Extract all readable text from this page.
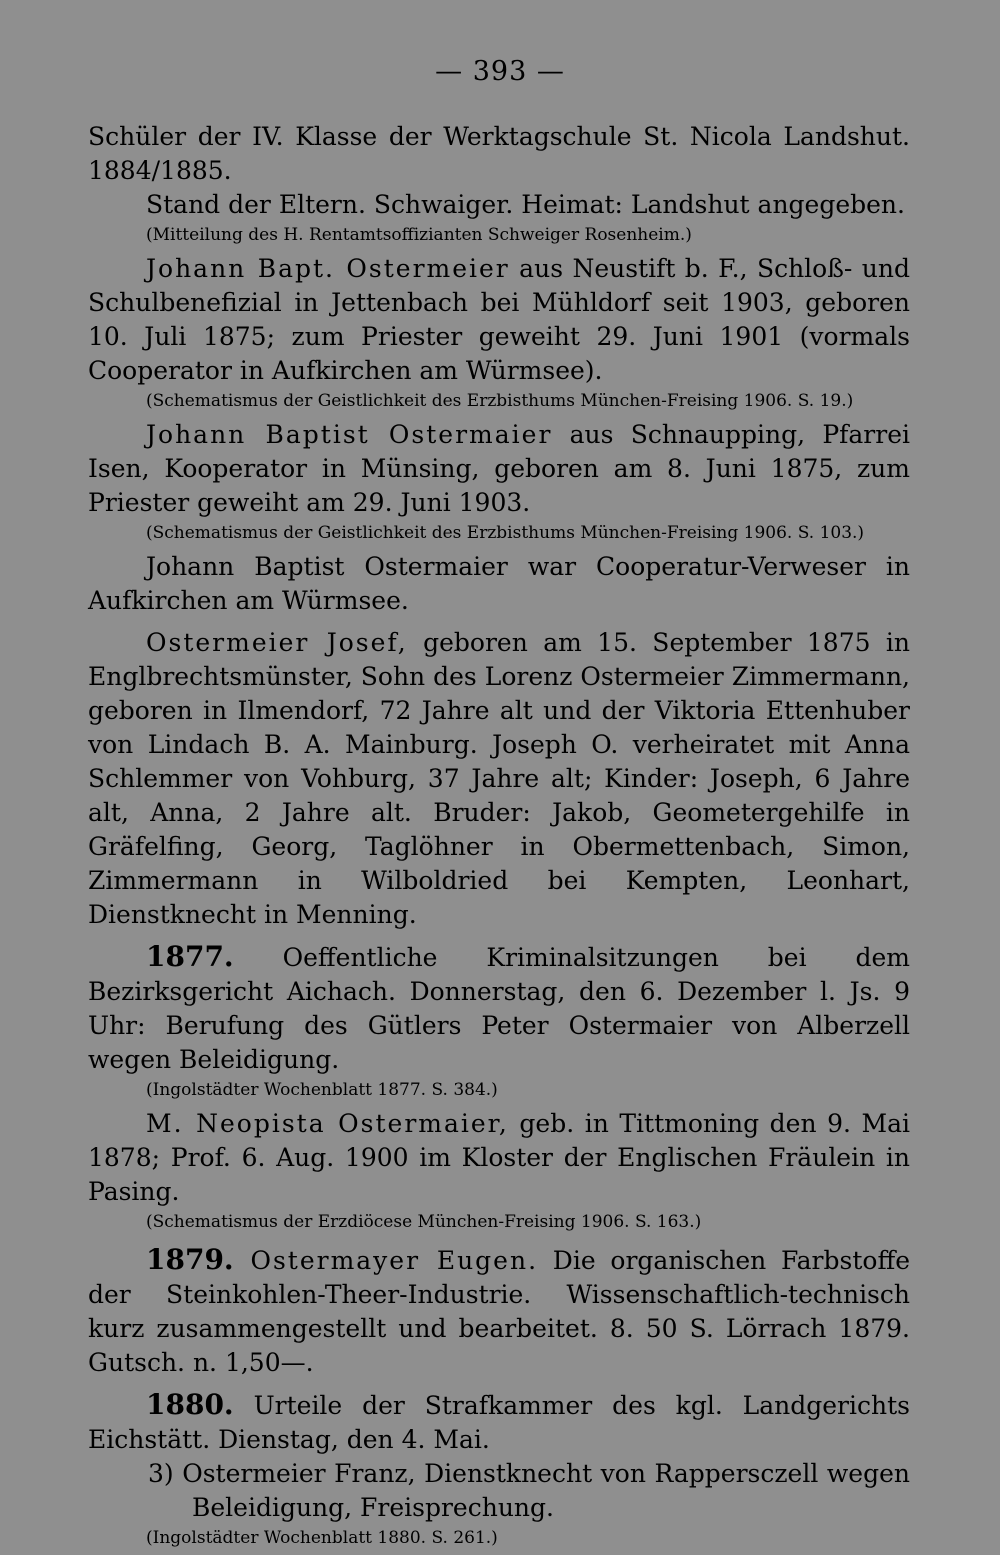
— 393 —

Schüler der IV. Klasse der Werktagschule St. Nicola Landshut. 1884/1885.

Stand der Eltern. Schwaiger. Heimat: Landshut angegeben.

(Mitteilung des H. Rentamtsoffizianten Schweiger Rosenheim.)

Johann Bapt. Ostermeier aus Neustift b. F., Schloß- und Schulbenefizial in Jettenbach bei Mühldorf seit 1903, geboren 10. Juli 1875; zum Priester geweiht 29. Juni 1901 (vormals Cooperator in Aufkirchen am Würmsee).

(Schematismus der Geistlichkeit des Erzbisthums München-Freising 1906. S. 19.)

Johann Baptist Ostermaier aus Schnaupping, Pfarrei Isen, Kooperator in Münsing, geboren am 8. Juni 1875, zum Priester geweiht am 29. Juni 1903.

(Schematismus der Geistlichkeit des Erzbisthums München-Freising 1906. S. 103.)

Johann Baptist Ostermaier war Cooperatur-Verweser in Aufkirchen am Würmsee.

Ostermeier Josef, geboren am 15. September 1875 in Englbrechtsmünster, Sohn des Lorenz Ostermeier Zimmermann, geboren in Ilmendorf, 72 Jahre alt und der Viktoria Ettenhuber von Lindach B. A. Mainburg. Joseph O. verheiratet mit Anna Schlemmer von Vohburg, 37 Jahre alt; Kinder: Joseph, 6 Jahre alt, Anna, 2 Jahre alt. Bruder: Jakob, Geometergehilfe in Gräfelfing, Georg, Taglöhner in Obermettenbach, Simon, Zimmermann in Wilboldried bei Kempten, Leonhart, Dienstknecht in Menning.

1877. Oeffentliche Kriminalsitzungen bei dem Bezirksgericht Aichach. Donnerstag, den 6. Dezember l. Js. 9 Uhr: Berufung des Gütlers Peter Ostermaier von Alberzell wegen Beleidigung.

(Ingolstädter Wochenblatt 1877. S. 384.)

M. Neopista Ostermaier, geb. in Tittmoning den 9. Mai 1878; Prof. 6. Aug. 1900 im Kloster der Englischen Fräulein in Pasing.

(Schematismus der Erzdiöcese München-Freising 1906. S. 163.)

1879. Ostermayer Eugen. Die organischen Farbstoffe der Steinkohlen-Theer-Industrie. Wissenschaftlich-technisch kurz zusammengestellt und bearbeitet. 8. 50 S. Lörrach 1879. Gutsch. n. 1,50—.

1880. Urteile der Strafkammer des kgl. Landgerichts Eichstätt. Dienstag, den 4. Mai.

3) Ostermeier Franz, Dienstknecht von Rappersczell wegen Beleidigung, Freisprechung.

(Ingolstädter Wochenblatt 1880. S. 261.)
